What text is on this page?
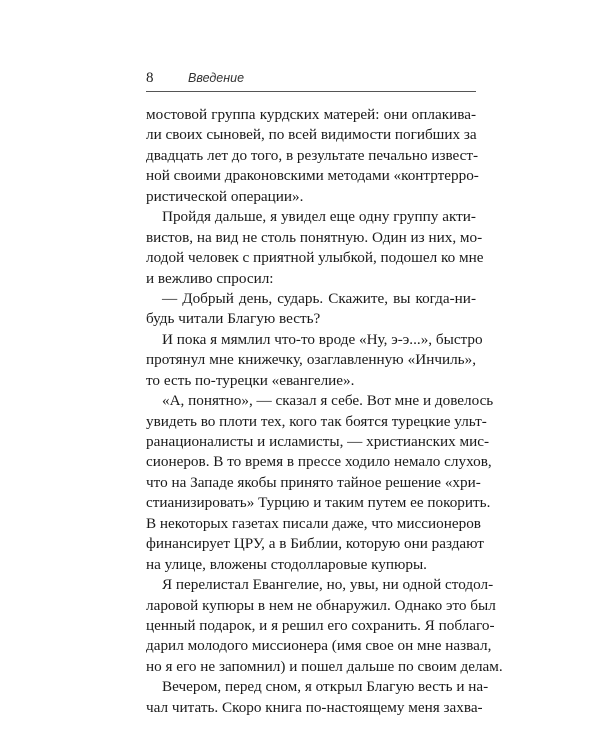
8	Введение
мостовой группа курдских матерей: они оплакива-
ли своих сыновей, по всей видимости погибших за
двадцать лет до того, в результате печально извест-
ной своими драконовскими методами «контртерро-
ристической операции».
Пройдя дальше, я увидел еще одну группу акти-
вистов, на вид не столь понятную. Один из них, мо-
лодой человек с приятной улыбкой, подошел ко мне
и вежливо спросил:
— Добрый день, сударь. Скажите, вы когда-ни-
будь читали Благую весть?
И пока я мямлил что-то вроде «Ну, э-э...», быстро
протянул мне книжечку, озаглавленную «Инчиль»,
то есть по-турецки «евангелие».
«А, понятно», — сказал я себе. Вот мне и довелось
увидеть во плоти тех, кого так боятся турецкие ульт-
ранационалисты и исламисты, — христианских мис-
сионеров. В то время в прессе ходило немало слухов,
что на Западе якобы принято тайное решение «хри-
стианизировать» Турцию и таким путем ее покорить.
В некоторых газетах писали даже, что миссионеров
финансирует ЦРУ, а в Библии, которую они раздают
на улице, вложены стодолларовые купюры.
Я перелистал Евангелие, но, увы, ни одной стодол-
ларовой купюры в нем не обнаружил. Однако это был
ценный подарок, и я решил его сохранить. Я поблаго-
дарил молодого миссионера (имя свое он мне назвал,
но я его не запомнил) и пошел дальше по своим делам.
Вечером, перед сном, я открыл Благую весть и на-
чал читать. Скоро книга по-настоящему меня захва-
